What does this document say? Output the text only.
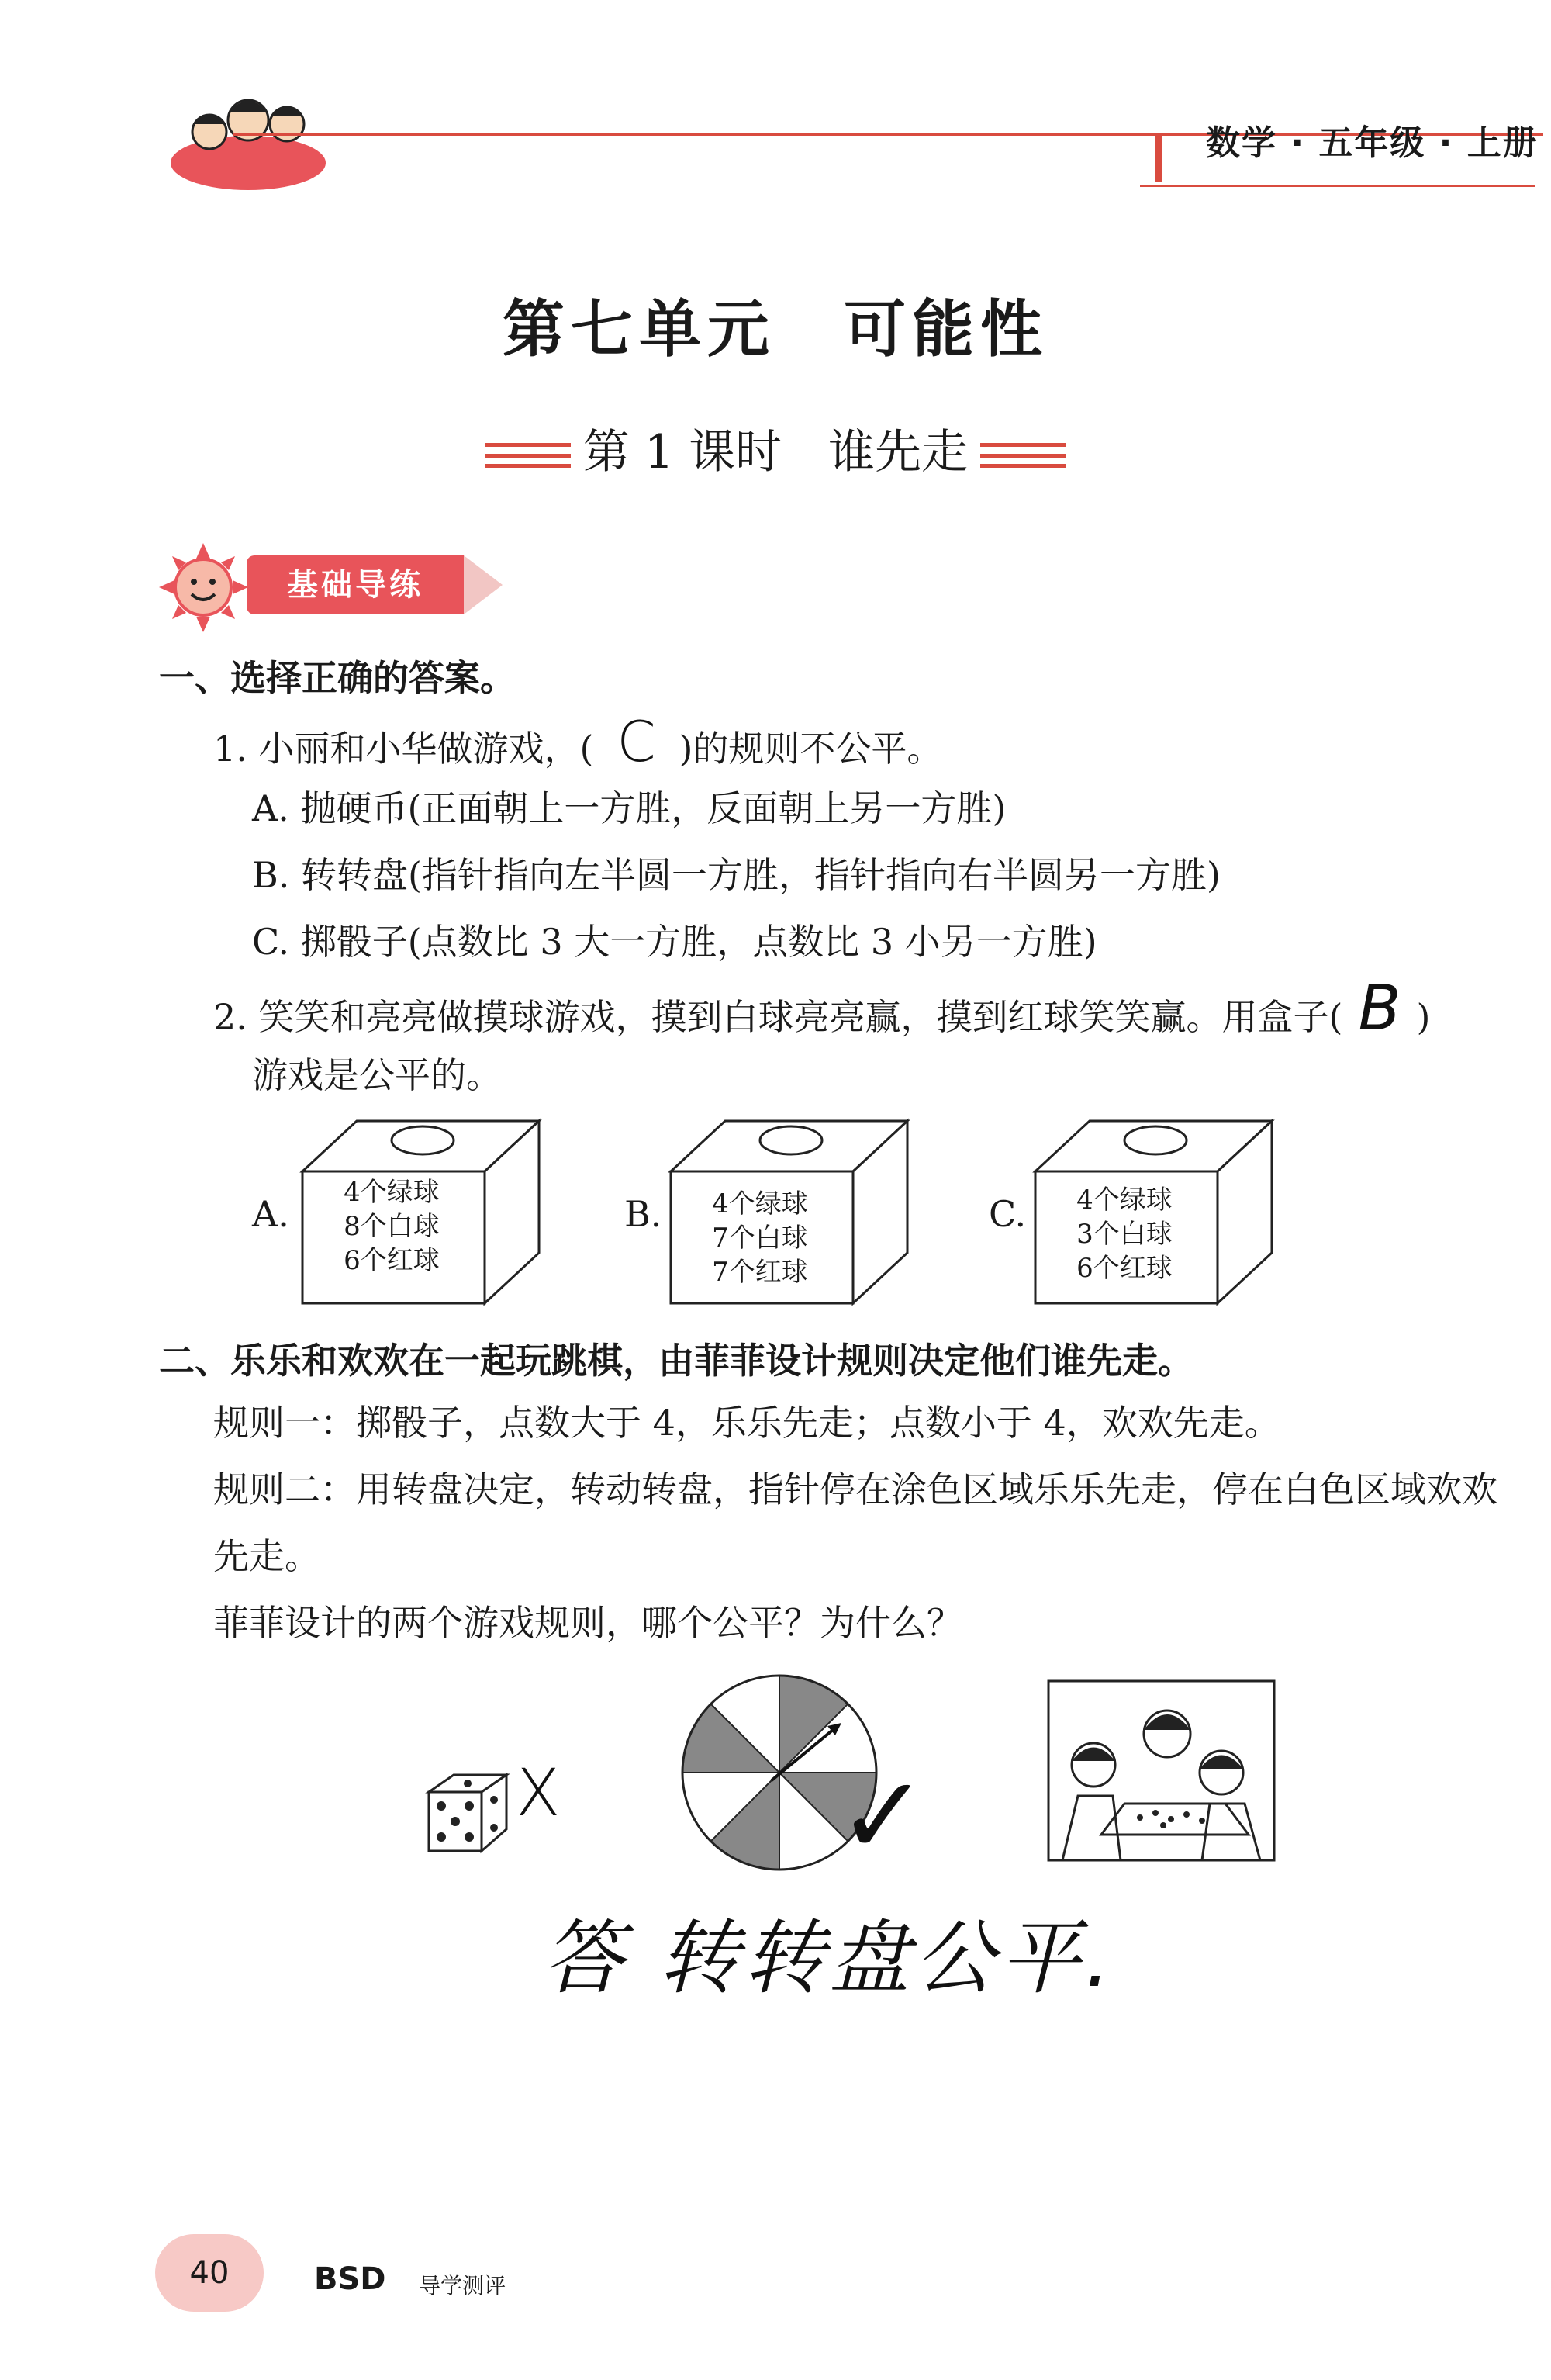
数学 · 五年级 · 上册
第七单元　可能性
第 1 课时　谁先走
基础导练
一、选择正确的答案。
1. 小丽和小华做游戏，( C )的规则不公平。
A. 抛硬币(正面朝上一方胜，反面朝上另一方胜)
B. 转转盘(指针指向左半圆一方胜，指针指向右半圆另一方胜)
C. 掷骰子(点数比 3 大一方胜，点数比 3 小另一方胜)
2. 笑笑和亮亮做摸球游戏，摸到白球亮亮赢，摸到红球笑笑赢。用盒子( B )
游戏是公平的。
A.
4个绿球
8个白球
6个红球
B.	4个绿球
7个白球
7个红球
C.	4个绿球
3个白球
6个红球
二、乐乐和欢欢在一起玩跳棋，由菲菲设计规则决定他们谁先走。
规则一：掷骰子，点数大于 4，乐乐先走；点数小于 4，欢欢先走。
规则二：用转盘决定，转动转盘，指针停在涂色区域乐乐先走，停在白色区域欢欢
先走。
菲菲设计的两个游戏规则，哪个公平？为什么？
X	✓
答 转转盘公平.
40	BSD 导学测评
